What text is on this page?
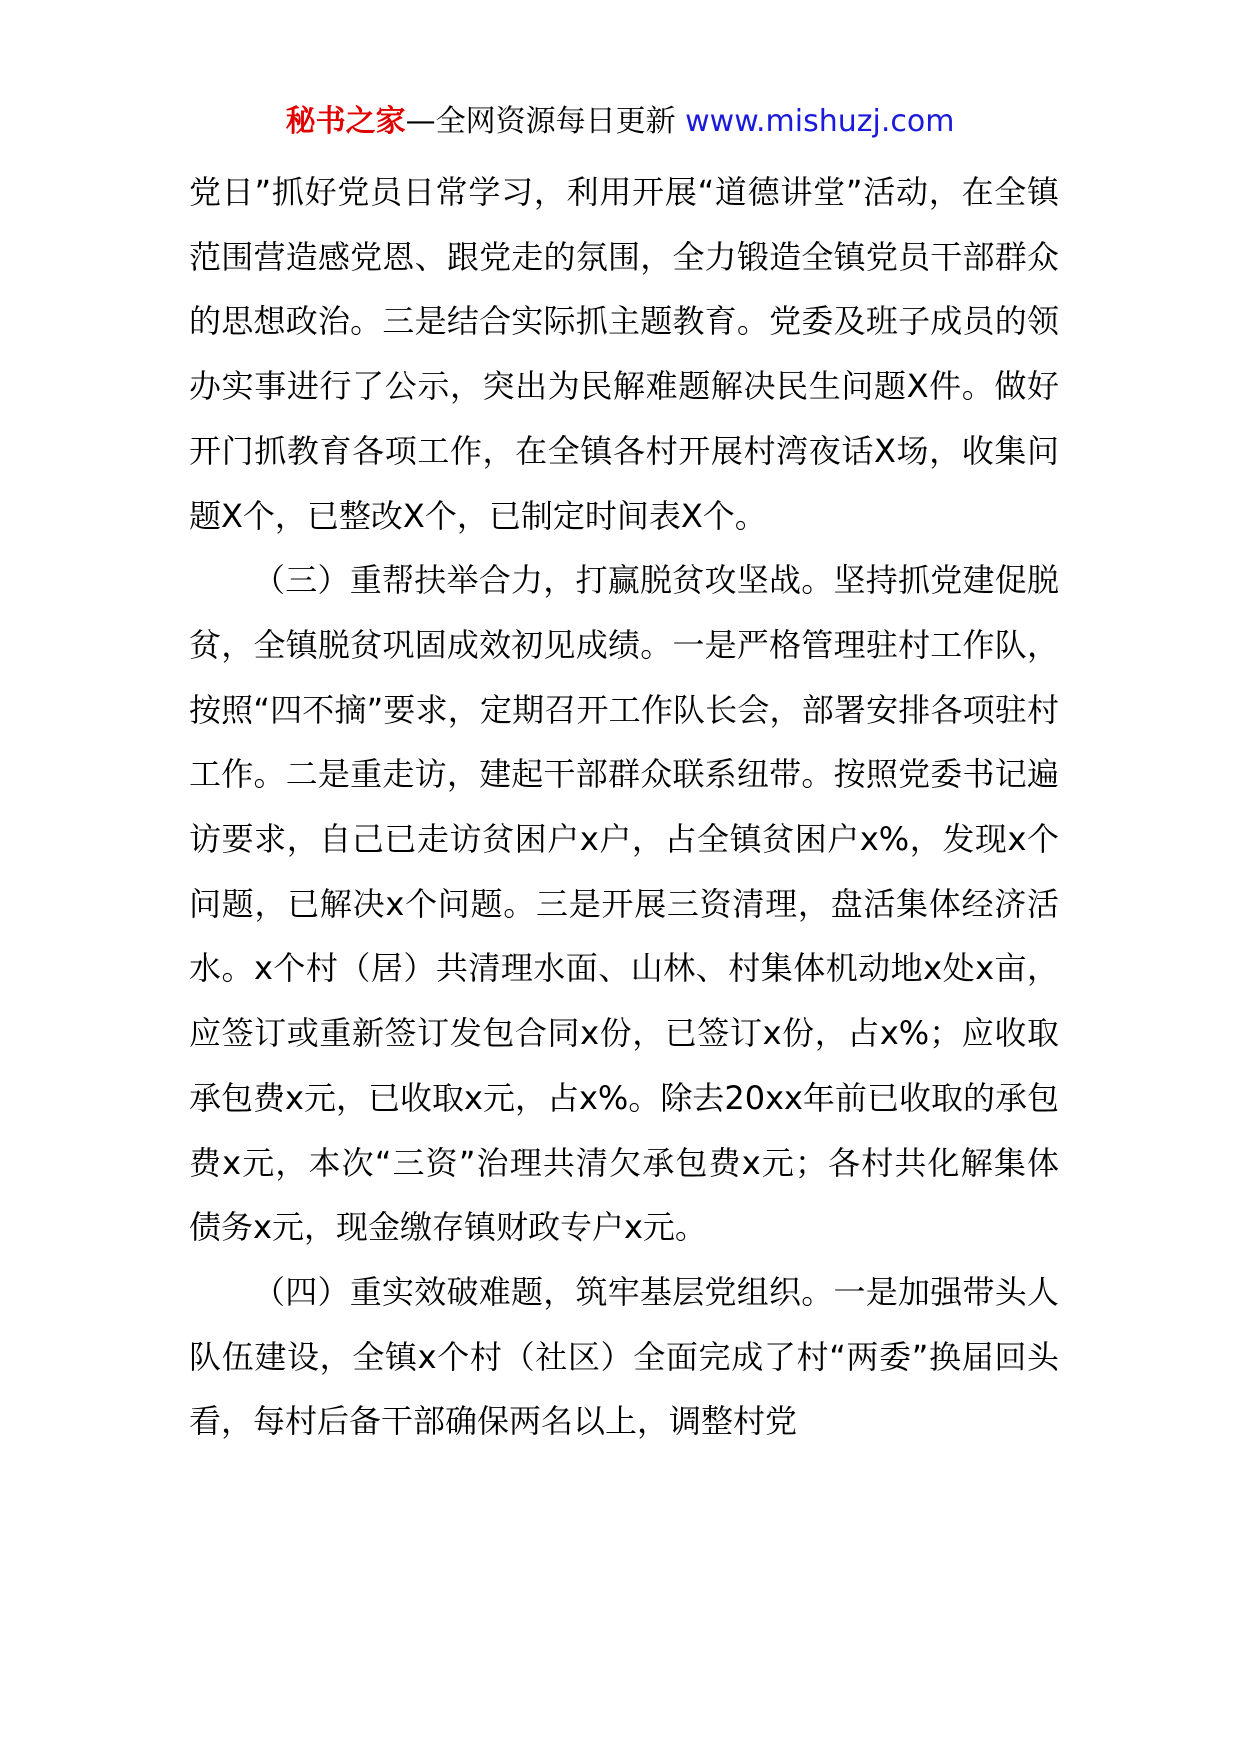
秘书之家—全网资源每日更新 www.mishuzj.com

党日”抓好党员日常学习，利用开展“道德讲堂”活动，在全镇范围营造感党恩、跟党走的氛围，全力锻造全镇党员干部群众的思想政治。三是结合实际抓主题教育。党委及班子成员的领办实事进行了公示，突出为民解难题解决民生问题X件。做好开门抓教育各项工作，在全镇各村开展村湾夜话X场，收集问题X个，已整改X个，已制定时间表X个。

（三）重帮扶举合力，打赢脱贫攻坚战。坚持抓党建促脱贫，全镇脱贫巩固成效初见成绩。一是严格管理驻村工作队，按照“四不摘”要求，定期召开工作队长会，部署安排各项驻村工作。二是重走访，建起干部群众联系纽带。按照党委书记遍访要求，自己已走访贫困户x户，占全镇贫困户x%，发现x个问题，已解决x个问题。三是开展三资清理，盘活集体经济活水。x个村（居）共清理水面、山林、村集体机动地x处x亩，应签订或重新签订发包合同x份，已签订x份，占x%；应收取承包费x元，已收取x元，占x%。除去20xx年前已收取的承包费x元，本次“三资”治理共清欠承包费x元；各村共化解集体债务x元，现金缴存镇财政专户x元。

（四）重实效破难题，筑牢基层党组织。一是加强带头人队伍建设，全镇x个村（社区）全面完成了村“两委”换届回头看，每村后备干部确保两名以上，调整村党
